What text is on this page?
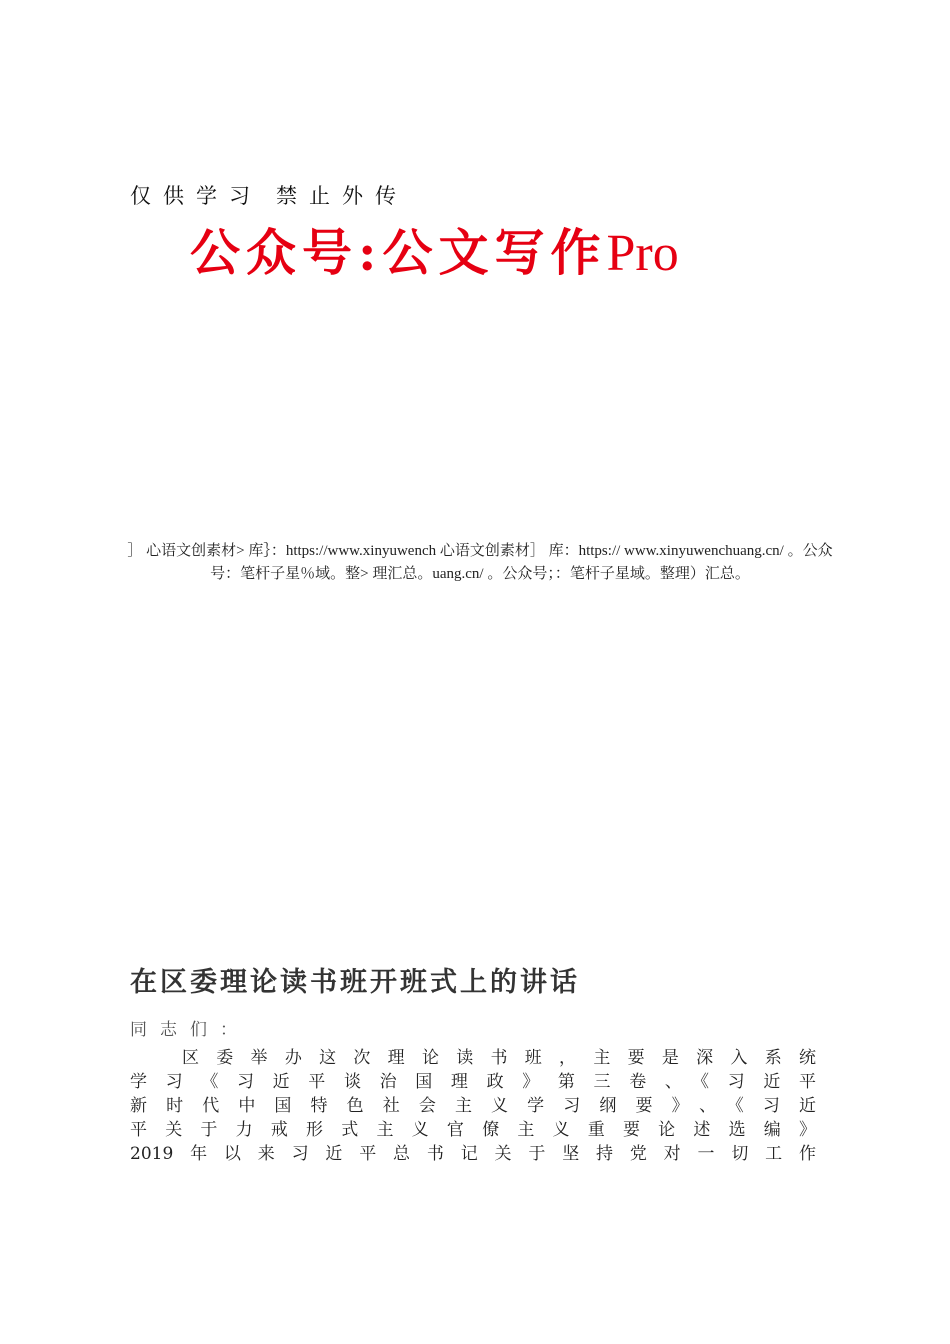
仅供学习 禁止外传
公众号:公文写作Pro
］ 心语文创素材> 库｝：https://www.xinyuwench 心语文创素材］ 库：https:// www.xinyuwenchuang.cn/ 。公众号：笔杆子星％域。整> 理汇总。uang.cn/ 。公众号；：笔杆子星域。整理）汇总。
在区委理论读书班开班式上的讲话
同志们：
区委举办这次理论读书班，主要是深入系统
学习《习近平谈治国理政》第三卷、《习近平
新时代中国特色社会主义学习纲要》、《习近
平关于力戒形式主义官僚主义重要论述选编》
2019年以来习近平总书记关于坚持党对一切工作
